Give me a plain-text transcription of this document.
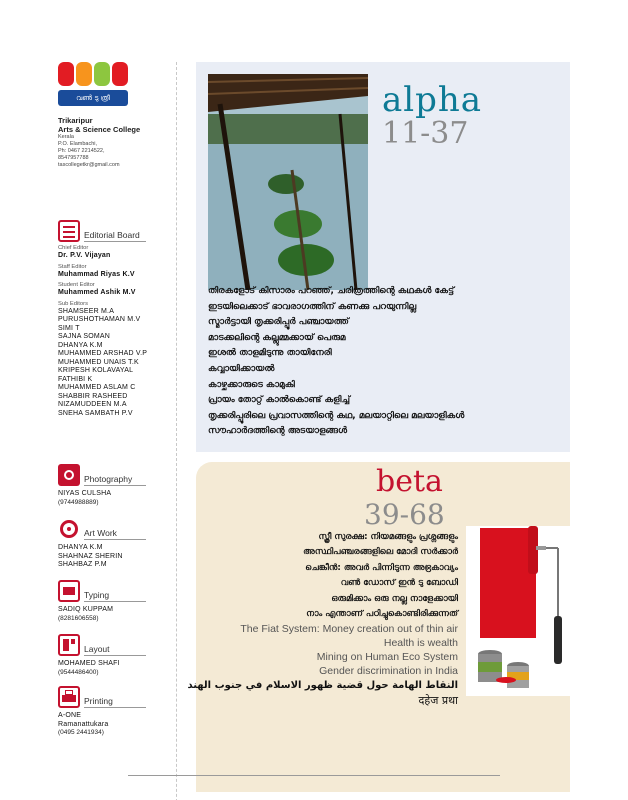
വൺ ടു ത്രീ
Trikaripur
Arts & Science College
Kerala
P.O. Elambachi,
Ph: 0467 2214522,
8547957788
tascollegetkr@gmail.com
Editorial Board
Chief Editor
Dr. P.V. Vijayan
Staff Editor
Muhammad Riyas K.V
Student Editor
Muhammed Ashik M.V
Sub Editors
SHAMSEER M.A
PURUSHOTHAMAN M.V
SIMI T
SAJNA SOMAN
DHANYA K.M
MUHAMMED ARSHAD V.P
MUHAMMED UNAIS T.K
KRIPESH KOLAVAYAL
FATHIBI K
MUHAMMED ASLAM C
SHABBIR RASHEED
NIZAMUDDEEN M.A
SNEHA SAMBATH P.V
Photography
NIYAS CULSHA
(9744988889)
Art Work
DHANYA K.M
SHAHNAZ SHERIN
SHAHBAZ P.M
Typing
SADIQ KUPPAM
(8281606558)
Layout
MOHAMED SHAFI
(9544486400)
Printing
A-ONE
Ramanattukara
(0495 2441934)
alpha
11-37
തിരകളോട് കിസാരം പറഞ്ഞ്, ചരിത്രത്തിന്റെ കഥകൾ കേട്ട്
ഇടയിലെക്കാട് ഭാവരാഗത്തിന് കണക്കു പറയുന്നില്ല
സ്മാർട്ടായി തൃക്കരിപ്പൂർ പഞ്ചായത്ത്
മാടക്കലിന്റെ കല്ലുമ്മക്കായ് പെരുമ
ഇശൽ താളമിടുന്നു തായിനേരി
കവ്വായിക്കായൽ
കാഴ്ചക്കാരുടെ കാമുകി
പ്രായം തോറ്റ് കാൽകൊണ്ട് കളിച്ച്
തൃക്കരിപ്പൂരിലെ പ്രവാസത്തിന്റെ കഥ, മലയാറ്റിലെ മലയാളികൾ
സൗഹാർദത്തിന്റെ അടയാളങ്ങൾ
beta
39-68
സ്ത്രീ സുരക്ഷ: നിയമങ്ങളും പ്രശ്നങ്ങളും
അസ്ഥിപഞ്ചരങ്ങളിലെ മോദി സർക്കാർ
ചെങ്കീൻ: അവർ പിന്നിടുന്ന അഭ്രകാവ്യം
വൺ ഡോസ് ഇൻ ടു ബോഡി
ഒരുമിക്കാം ഒരു നല്ല നാളേക്കായി
നാം എന്താണ് പഠിച്ചുകൊണ്ടിരിക്കുന്നത്
The Fiat System: Money creation out of thin air
Health is wealth
Mining on Human Eco System
Gender discrimination in India
النقاط الهامة حول قضية ظهور الاسلام في جنوب الهند
दहेज प्रथा
